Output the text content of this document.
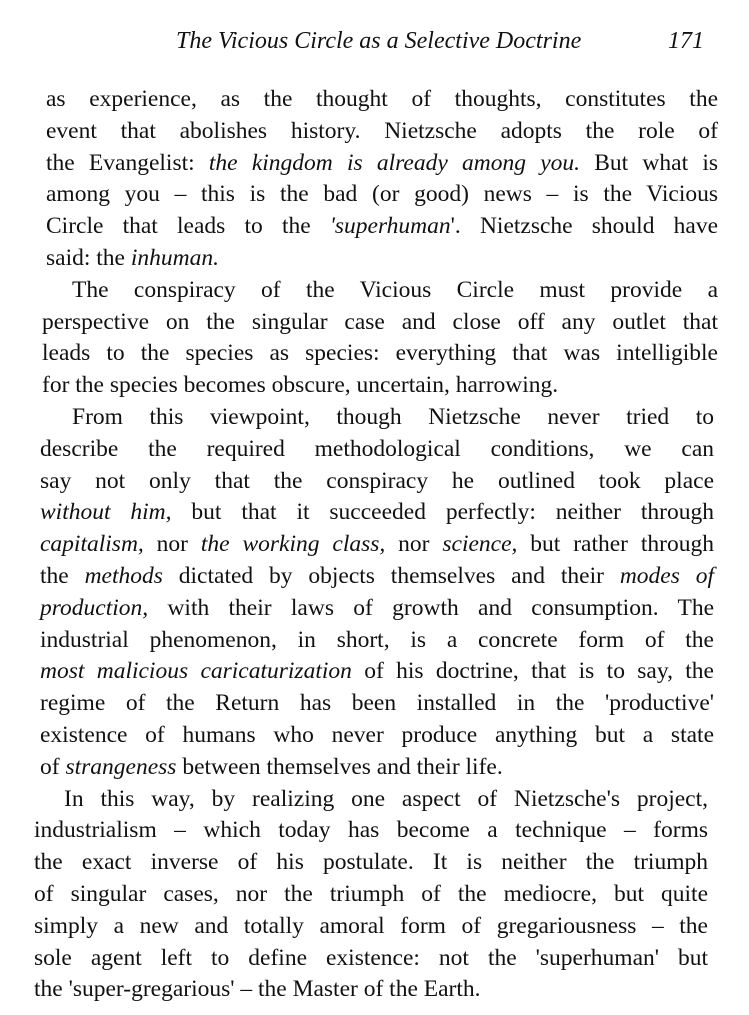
The Vicious Circle as a Selective Doctrine	171
as experience, as the thought of thoughts, constitutes the
event that abolishes history. Nietzsche adopts the role of
the Evangelist: the kingdom is already among you. But what is
among you – this is the bad (or good) news – is the Vicious
Circle that leads to the 'superhuman'. Nietzsche should have
said: the inhuman.
The conspiracy of the Vicious Circle must provide a
perspective on the singular case and close off any outlet that
leads to the species as species: everything that was intelligible
for the species becomes obscure, uncertain, harrowing.
From this viewpoint, though Nietzsche never tried to
describe the required methodological conditions, we can
say not only that the conspiracy he outlined took place
without him, but that it succeeded perfectly: neither through
capitalism, nor the working class, nor science, but rather through
the methods dictated by objects themselves and their modes of
production, with their laws of growth and consumption. The
industrial phenomenon, in short, is a concrete form of the
most malicious caricaturization of his doctrine, that is to say, the
regime of the Return has been installed in the 'productive'
existence of humans who never produce anything but a state
of strangeness between themselves and their life.
In this way, by realizing one aspect of Nietzsche's project,
industrialism – which today has become a technique – forms
the exact inverse of his postulate. It is neither the triumph
of singular cases, nor the triumph of the mediocre, but quite
simply a new and totally amoral form of gregariousness – the
sole agent left to define existence: not the 'superhuman' but
the 'super-gregarious' – the Master of the Earth.
